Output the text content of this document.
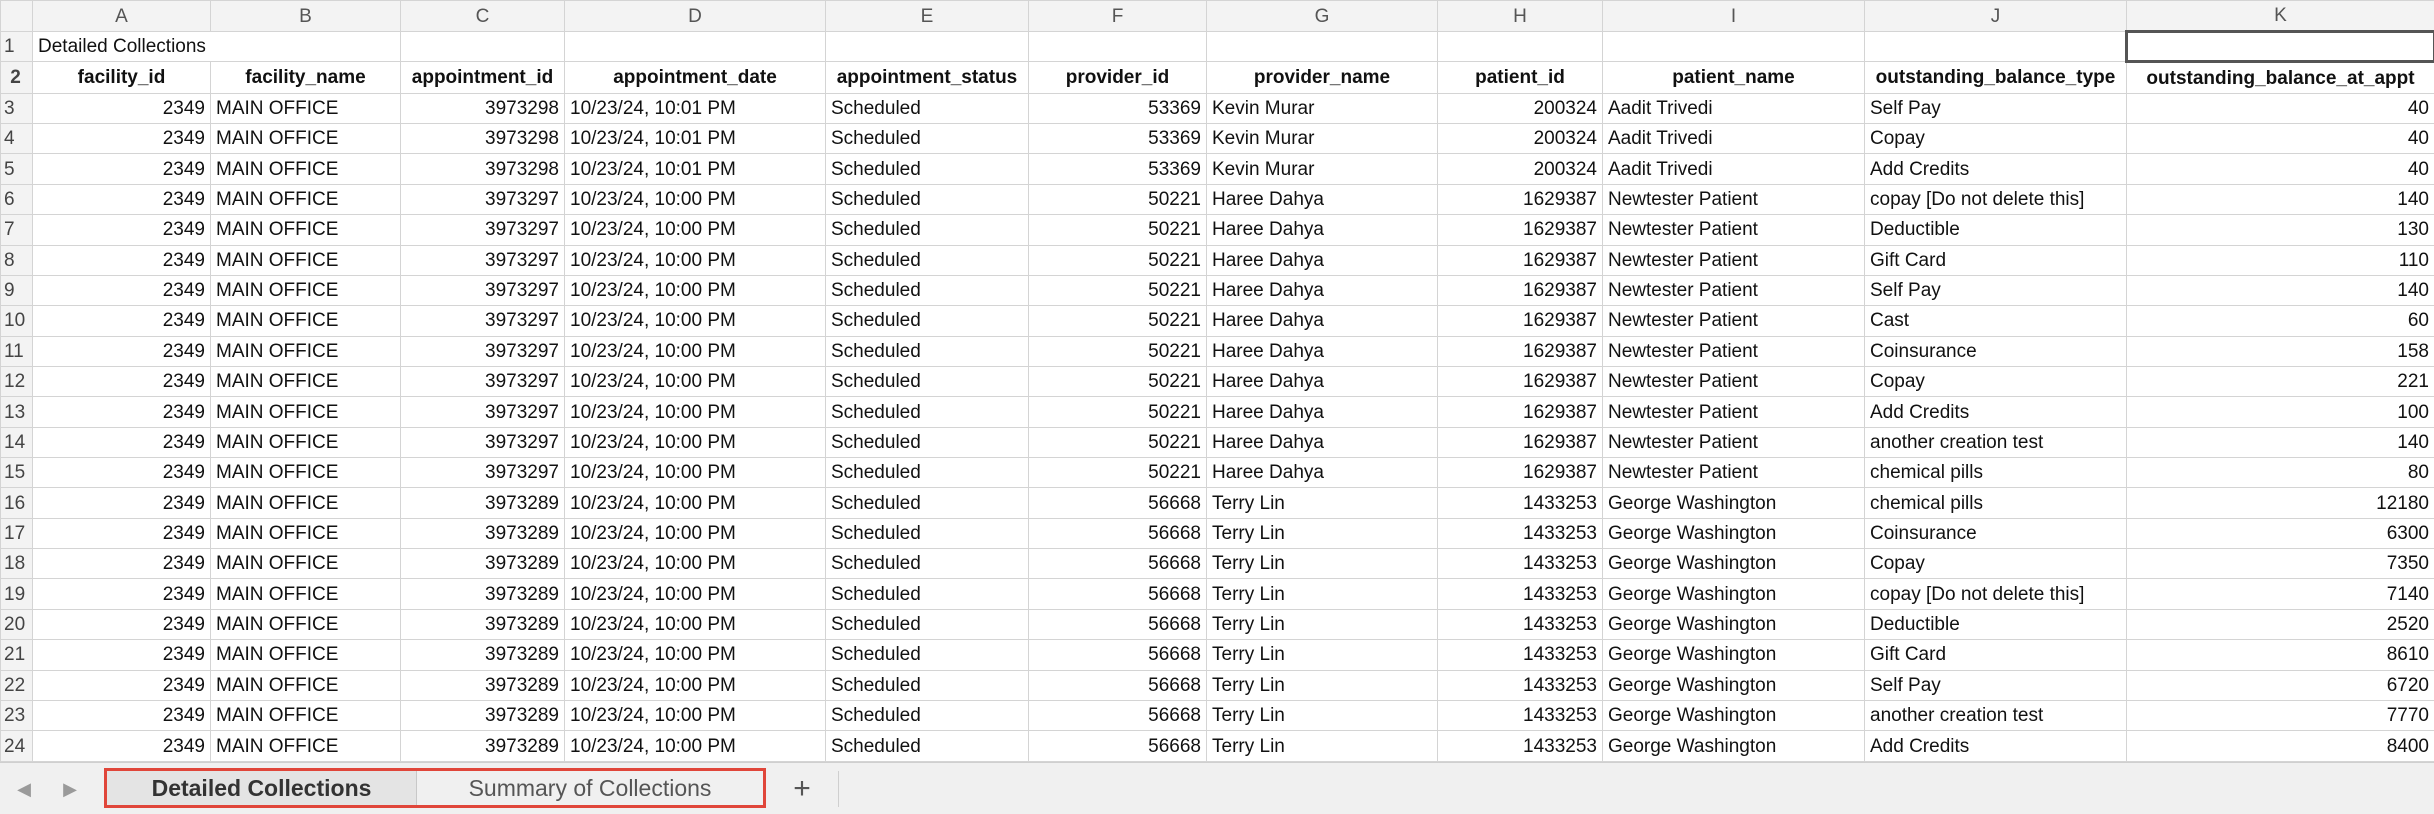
	A	B	C	D	E	F	G	H	I	J	K
1	Detailed Collections										
2	facility_id	facility_name	appointment_id	appointment_date	appointment_status	provider_id	provider_name	patient_id	patient_name	outstanding_balance_type	outstanding_balance_at_appt
3	2349	MAIN OFFICE	3973298	10/23/24, 10:01 PM	Scheduled	53369	Kevin Murar	200324	Aadit Trivedi	Self Pay	40
4	2349	MAIN OFFICE	3973298	10/23/24, 10:01 PM	Scheduled	53369	Kevin Murar	200324	Aadit Trivedi	Copay	40
5	2349	MAIN OFFICE	3973298	10/23/24, 10:01 PM	Scheduled	53369	Kevin Murar	200324	Aadit Trivedi	Add Credits	40
6	2349	MAIN OFFICE	3973297	10/23/24, 10:00 PM	Scheduled	50221	Haree Dahya	1629387	Newtester Patient	copay [Do not delete this]	140
7	2349	MAIN OFFICE	3973297	10/23/24, 10:00 PM	Scheduled	50221	Haree Dahya	1629387	Newtester Patient	Deductible	130
8	2349	MAIN OFFICE	3973297	10/23/24, 10:00 PM	Scheduled	50221	Haree Dahya	1629387	Newtester Patient	Gift Card	110
9	2349	MAIN OFFICE	3973297	10/23/24, 10:00 PM	Scheduled	50221	Haree Dahya	1629387	Newtester Patient	Self Pay	140
10	2349	MAIN OFFICE	3973297	10/23/24, 10:00 PM	Scheduled	50221	Haree Dahya	1629387	Newtester Patient	Cast	60
11	2349	MAIN OFFICE	3973297	10/23/24, 10:00 PM	Scheduled	50221	Haree Dahya	1629387	Newtester Patient	Coinsurance	158
12	2349	MAIN OFFICE	3973297	10/23/24, 10:00 PM	Scheduled	50221	Haree Dahya	1629387	Newtester Patient	Copay	221
13	2349	MAIN OFFICE	3973297	10/23/24, 10:00 PM	Scheduled	50221	Haree Dahya	1629387	Newtester Patient	Add Credits	100
14	2349	MAIN OFFICE	3973297	10/23/24, 10:00 PM	Scheduled	50221	Haree Dahya	1629387	Newtester Patient	another creation test	140
15	2349	MAIN OFFICE	3973297	10/23/24, 10:00 PM	Scheduled	50221	Haree Dahya	1629387	Newtester Patient	chemical pills	80
16	2349	MAIN OFFICE	3973289	10/23/24, 10:00 PM	Scheduled	56668	Terry Lin	1433253	George Washington	chemical pills	12180
17	2349	MAIN OFFICE	3973289	10/23/24, 10:00 PM	Scheduled	56668	Terry Lin	1433253	George Washington	Coinsurance	6300
18	2349	MAIN OFFICE	3973289	10/23/24, 10:00 PM	Scheduled	56668	Terry Lin	1433253	George Washington	Copay	7350
19	2349	MAIN OFFICE	3973289	10/23/24, 10:00 PM	Scheduled	56668	Terry Lin	1433253	George Washington	copay [Do not delete this]	7140
20	2349	MAIN OFFICE	3973289	10/23/24, 10:00 PM	Scheduled	56668	Terry Lin	1433253	George Washington	Deductible	2520
21	2349	MAIN OFFICE	3973289	10/23/24, 10:00 PM	Scheduled	56668	Terry Lin	1433253	George Washington	Gift Card	8610
22	2349	MAIN OFFICE	3973289	10/23/24, 10:00 PM	Scheduled	56668	Terry Lin	1433253	George Washington	Self Pay	6720
23	2349	MAIN OFFICE	3973289	10/23/24, 10:00 PM	Scheduled	56668	Terry Lin	1433253	George Washington	another creation test	7770
24	2349	MAIN OFFICE	3973289	10/23/24, 10:00 PM	Scheduled	56668	Terry Lin	1433253	George Washington	Add Credits	8400
◀ ▶	Detailed Collections	Summary of Collections	+
